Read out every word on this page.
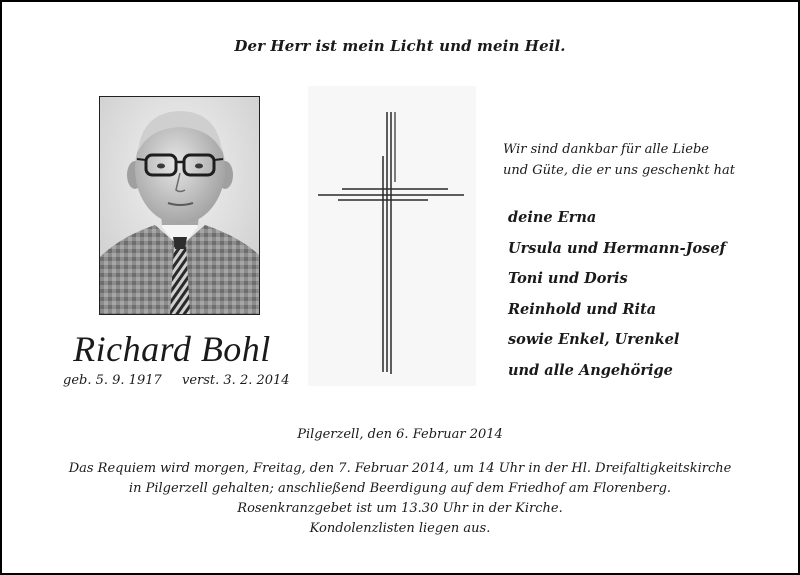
Der Herr ist mein Licht und mein Heil.
Richard Bohl
geb. 5. 9. 1917 verst. 3. 2. 2014
Wir sind dankbar für alle Liebe
und Güte, die er uns geschenkt hat
deine Erna
Ursula und Hermann-Josef
Toni und Doris
Reinhold und Rita
sowie Enkel, Urenkel
und alle Angehörige
Pilgerzell, den 6. Februar 2014
Das Requiem wird morgen, Freitag, den 7. Februar 2014, um 14 Uhr in der Hl. Dreifaltigkeitskirche
in Pilgerzell gehalten; anschließend Beerdigung auf dem Friedhof am Florenberg.
Rosenkranzgebet ist um 13.30 Uhr in der Kirche.
Kondolenzlisten liegen aus.
